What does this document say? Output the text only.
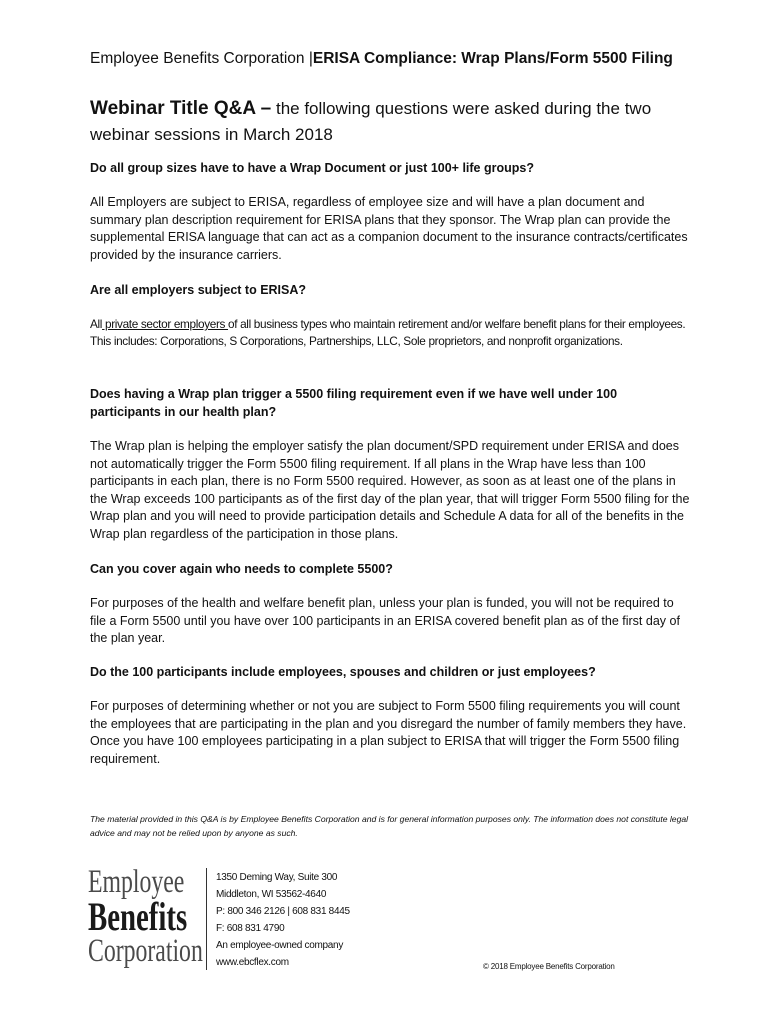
Employee Benefits Corporation |ERISA Compliance: Wrap Plans/Form 5500 Filing
Webinar Title Q&A – the following questions were asked during the two webinar sessions in March 2018
Do all group sizes have to have a Wrap Document or just 100+ life groups?
All Employers are subject to ERISA, regardless of employee size and will have a plan document and summary plan description requirement for ERISA plans that they sponsor. The Wrap plan can provide the supplemental ERISA language that can act as a companion document to the insurance contracts/certificates provided by the insurance carriers.
Are all employers subject to ERISA?
All private sector employers of all business types who maintain retirement and/or welfare benefit plans for their employees. This includes: Corporations, S Corporations, Partnerships, LLC, Sole proprietors, and nonprofit organizations.
Does having a Wrap plan trigger a 5500 filing requirement even if we have well under 100 participants in our health plan?
The Wrap plan is helping the employer satisfy the plan document/SPD requirement under ERISA and does not automatically trigger the Form 5500 filing requirement. If all plans in the Wrap have less than 100 participants in each plan, there is no Form 5500 required. However, as soon as at least one of the plans in the Wrap exceeds 100 participants as of the first day of the plan year, that will trigger Form 5500 filing for the Wrap plan and you will need to provide participation details and Schedule A data for all of the benefits in the Wrap plan regardless of the participation in those plans.
Can you cover again who needs to complete 5500?
For purposes of the health and welfare benefit plan, unless your plan is funded, you will not be required to file a Form 5500 until you have over 100 participants in an ERISA covered benefit plan as of the first day of the plan year.
Do the 100 participants include employees, spouses and children or just employees?
For purposes of determining whether or not you are subject to Form 5500 filing requirements you will count the employees that are participating in the plan and you disregard the number of family members they have. Once you have 100 employees participating in a plan subject to ERISA that will trigger the Form 5500 filing requirement.
The material provided in this Q&A is by Employee Benefits Corporation and is for general information purposes only. The information does not constitute legal advice and may not be relied upon by anyone as such.
Employee
Benefits
Corporation
1350 Deming Way, Suite 300
Middleton, WI 53562-4640
P: 800 346 2126 | 608 831 8445
F: 608 831 4790
An employee-owned company
www.ebcflex.com	© 2018 Employee Benefits Corporation
